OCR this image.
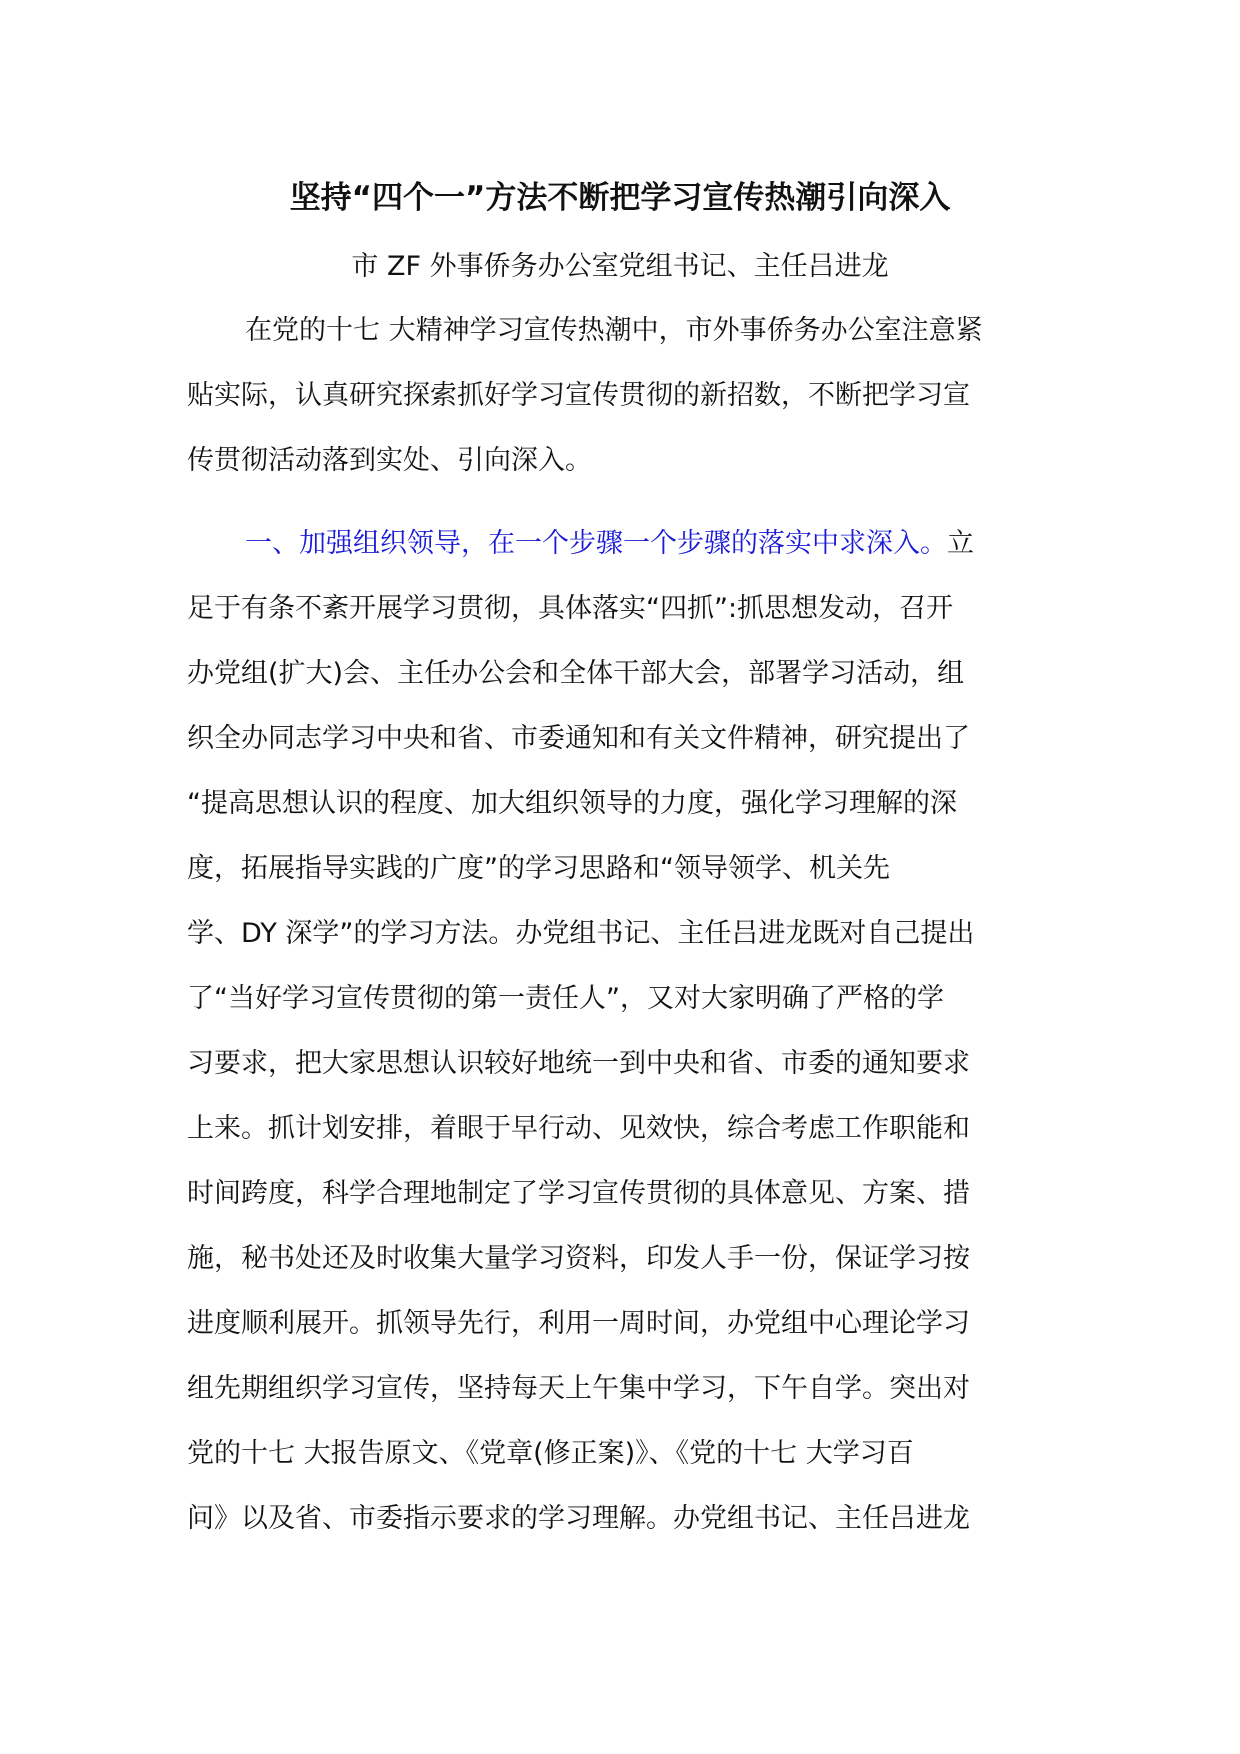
坚持“四个一”方法不断把学习宣传热潮引向深入
市 ZF 外事侨务办公室党组书记、主任吕进龙
在党的十七 大精神学习宣传热潮中，市外事侨务办公室注意紧
贴实际，认真研究探索抓好学习宣传贯彻的新招数，不断把学习宣
传贯彻活动落到实处、引向深入。
一、加强组织领导，在一个步骤一个步骤的落实中求深入。立
足于有条不紊开展学习贯彻，具体落实“四抓”:抓思想发动，召开
办党组(扩大)会、主任办公会和全体干部大会，部署学习活动，组
织全办同志学习中央和省、市委通知和有关文件精神，研究提出了
“提高思想认识的程度、加大组织领导的力度，强化学习理解的深
度，拓展指导实践的广度”的学习思路和“领导领学、机关先
学、DY 深学”的学习方法。办党组书记、主任吕进龙既对自己提出
了“当好学习宣传贯彻的第一责任人”，又对大家明确了严格的学
习要求，把大家思想认识较好地统一到中央和省、市委的通知要求
上来。抓计划安排，着眼于早行动、见效快，综合考虑工作职能和
时间跨度，科学合理地制定了学习宣传贯彻的具体意见、方案、措
施，秘书处还及时收集大量学习资料，印发人手一份，保证学习按
进度顺利展开。抓领导先行，利用一周时间，办党组中心理论学习
组先期组织学习宣传，坚持每天上午集中学习，下午自学。突出对
党的十七 大报告原文、《党章(修正案)》、《党的十七 大学习百
问》以及省、市委指示要求的学习理解。办党组书记、主任吕进龙
